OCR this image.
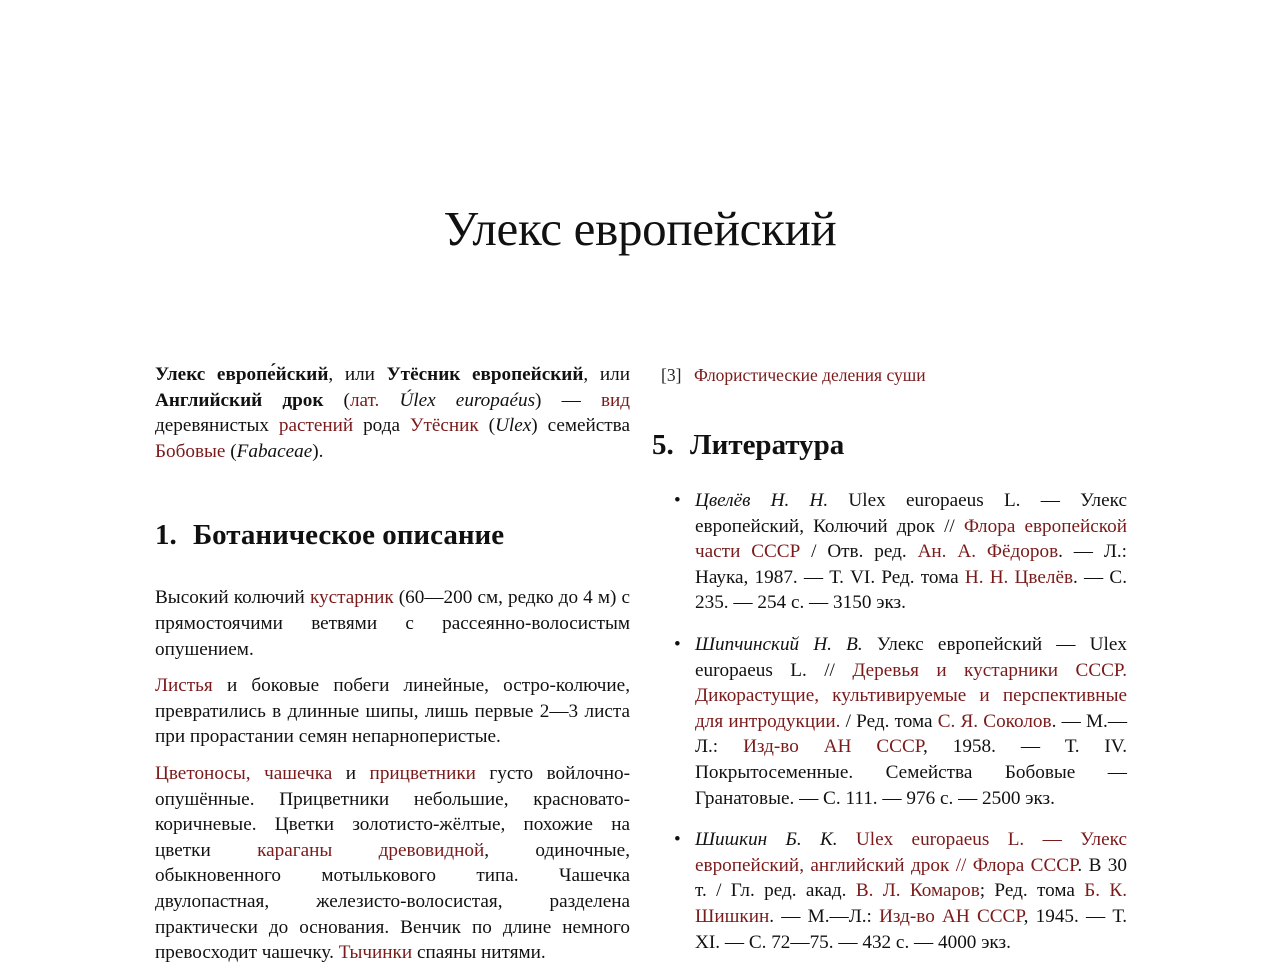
Улекс европейский

Улекс европе́йский, или Утёсник европейский, или Английский дрок (лат. Úlex europaéus) — вид деревянистых растений рода Утёсник (Ulex) семейства Бобовые (Fabaceae).

1. Ботаническое описание

Высокий колючий кустарник (60—200 см, редко до 4 м) с прямостоячими ветвями с рассеянно-волосистым опушением.

Листья и боковые побеги линейные, остро-колючие, превратились в длинные шипы, лишь первые 2—3 листа при прорастании семян непарноперистые.

Цветоносы, чашечка и прицветники густо войлочно-опушённые. Прицветники небольшие, красновато-коричневые. Цветки золотисто-жёлтые, похожие на цветки караганы древовидной, одиночные, обыкновенного мотылькового типа. Чашечка двулопастная, железисто-волосистая, разделена практически до основания. Венчик по длине немного превосходит чашечку. Тычинки спаяны нитями.

[3] Флористические деления суши
5. Литература
• Цвелёв Н. Н. Ulex europaeus L. — Улекс европейский, Колючий дрок // Флора европейской части СССР / Отв. ред. Ан. А. Фёдоров. — Л.: Наука, 1987. — Т. VI. Ред. тома Н. Н. Цвелёв. — С. 235. — 254 с. — 3150 экз.
• Шипчинский Н. В. Улекс европейский — Ulex europaeus L. // Деревья и кустарники СССР. Дикорастущие, культивируемые и перспективные для интродукции. / Ред. тома С. Я. Соколов. — М.—Л.: Изд-во АН СССР, 1958. — Т. IV. Покрытосеменные. Семейства Бобовые — Гранатовые. — С. 111. — 976 с. — 2500 экз.
• Шишкин Б. К. Ulex europaeus L. — Улекс европейский, английский дрок // Флора СССР. В 30 т. / Гл. ред. акад. В. Л. Комаров; Ред. тома Б. К. Шишкин. — М.—Л.: Изд-во АН СССР, 1945. — Т. XI. — С. 72—75. — 432 с. — 4000 экз.
